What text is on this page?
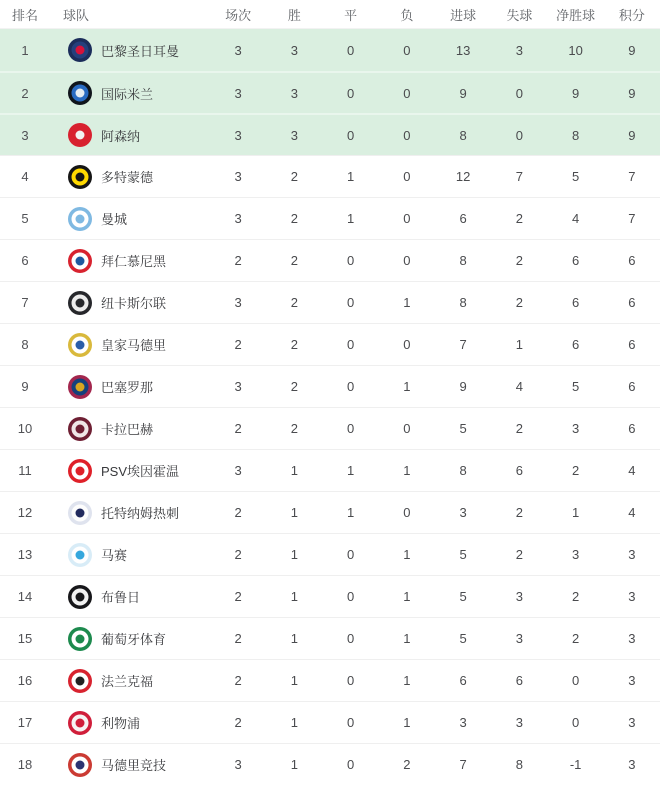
排名	球队	场次	胜	平	负	进球	失球	净胜球	积分
1	巴黎圣日耳曼	3	3	0	0	13	3	10	9
2	国际米兰	3	3	0	0	9	0	9	9
3	阿森纳	3	3	0	0	8	0	8	9
4	多特蒙德	3	2	1	0	12	7	5	7
5	曼城	3	2	1	0	6	2	4	7
6	拜仁慕尼黑	2	2	0	0	8	2	6	6
7	纽卡斯尔联	3	2	0	1	8	2	6	6
8	皇家马德里	2	2	0	0	7	1	6	6
9	巴塞罗那	3	2	0	1	9	4	5	6
10	卡拉巴赫	2	2	0	0	5	2	3	6
11	PSV埃因霍温	3	1	1	1	8	6	2	4
12	托特纳姆热刺	2	1	1	0	3	2	1	4
13	马赛	2	1	0	1	5	2	3	3
14	布鲁日	2	1	0	1	5	3	2	3
15	葡萄牙体育	2	1	0	1	5	3	2	3
16	法兰克福	2	1	0	1	6	6	0	3
17	利物浦	2	1	0	1	3	3	0	3
18	马德里竞技	3	1	0	2	7	8	-1	3
